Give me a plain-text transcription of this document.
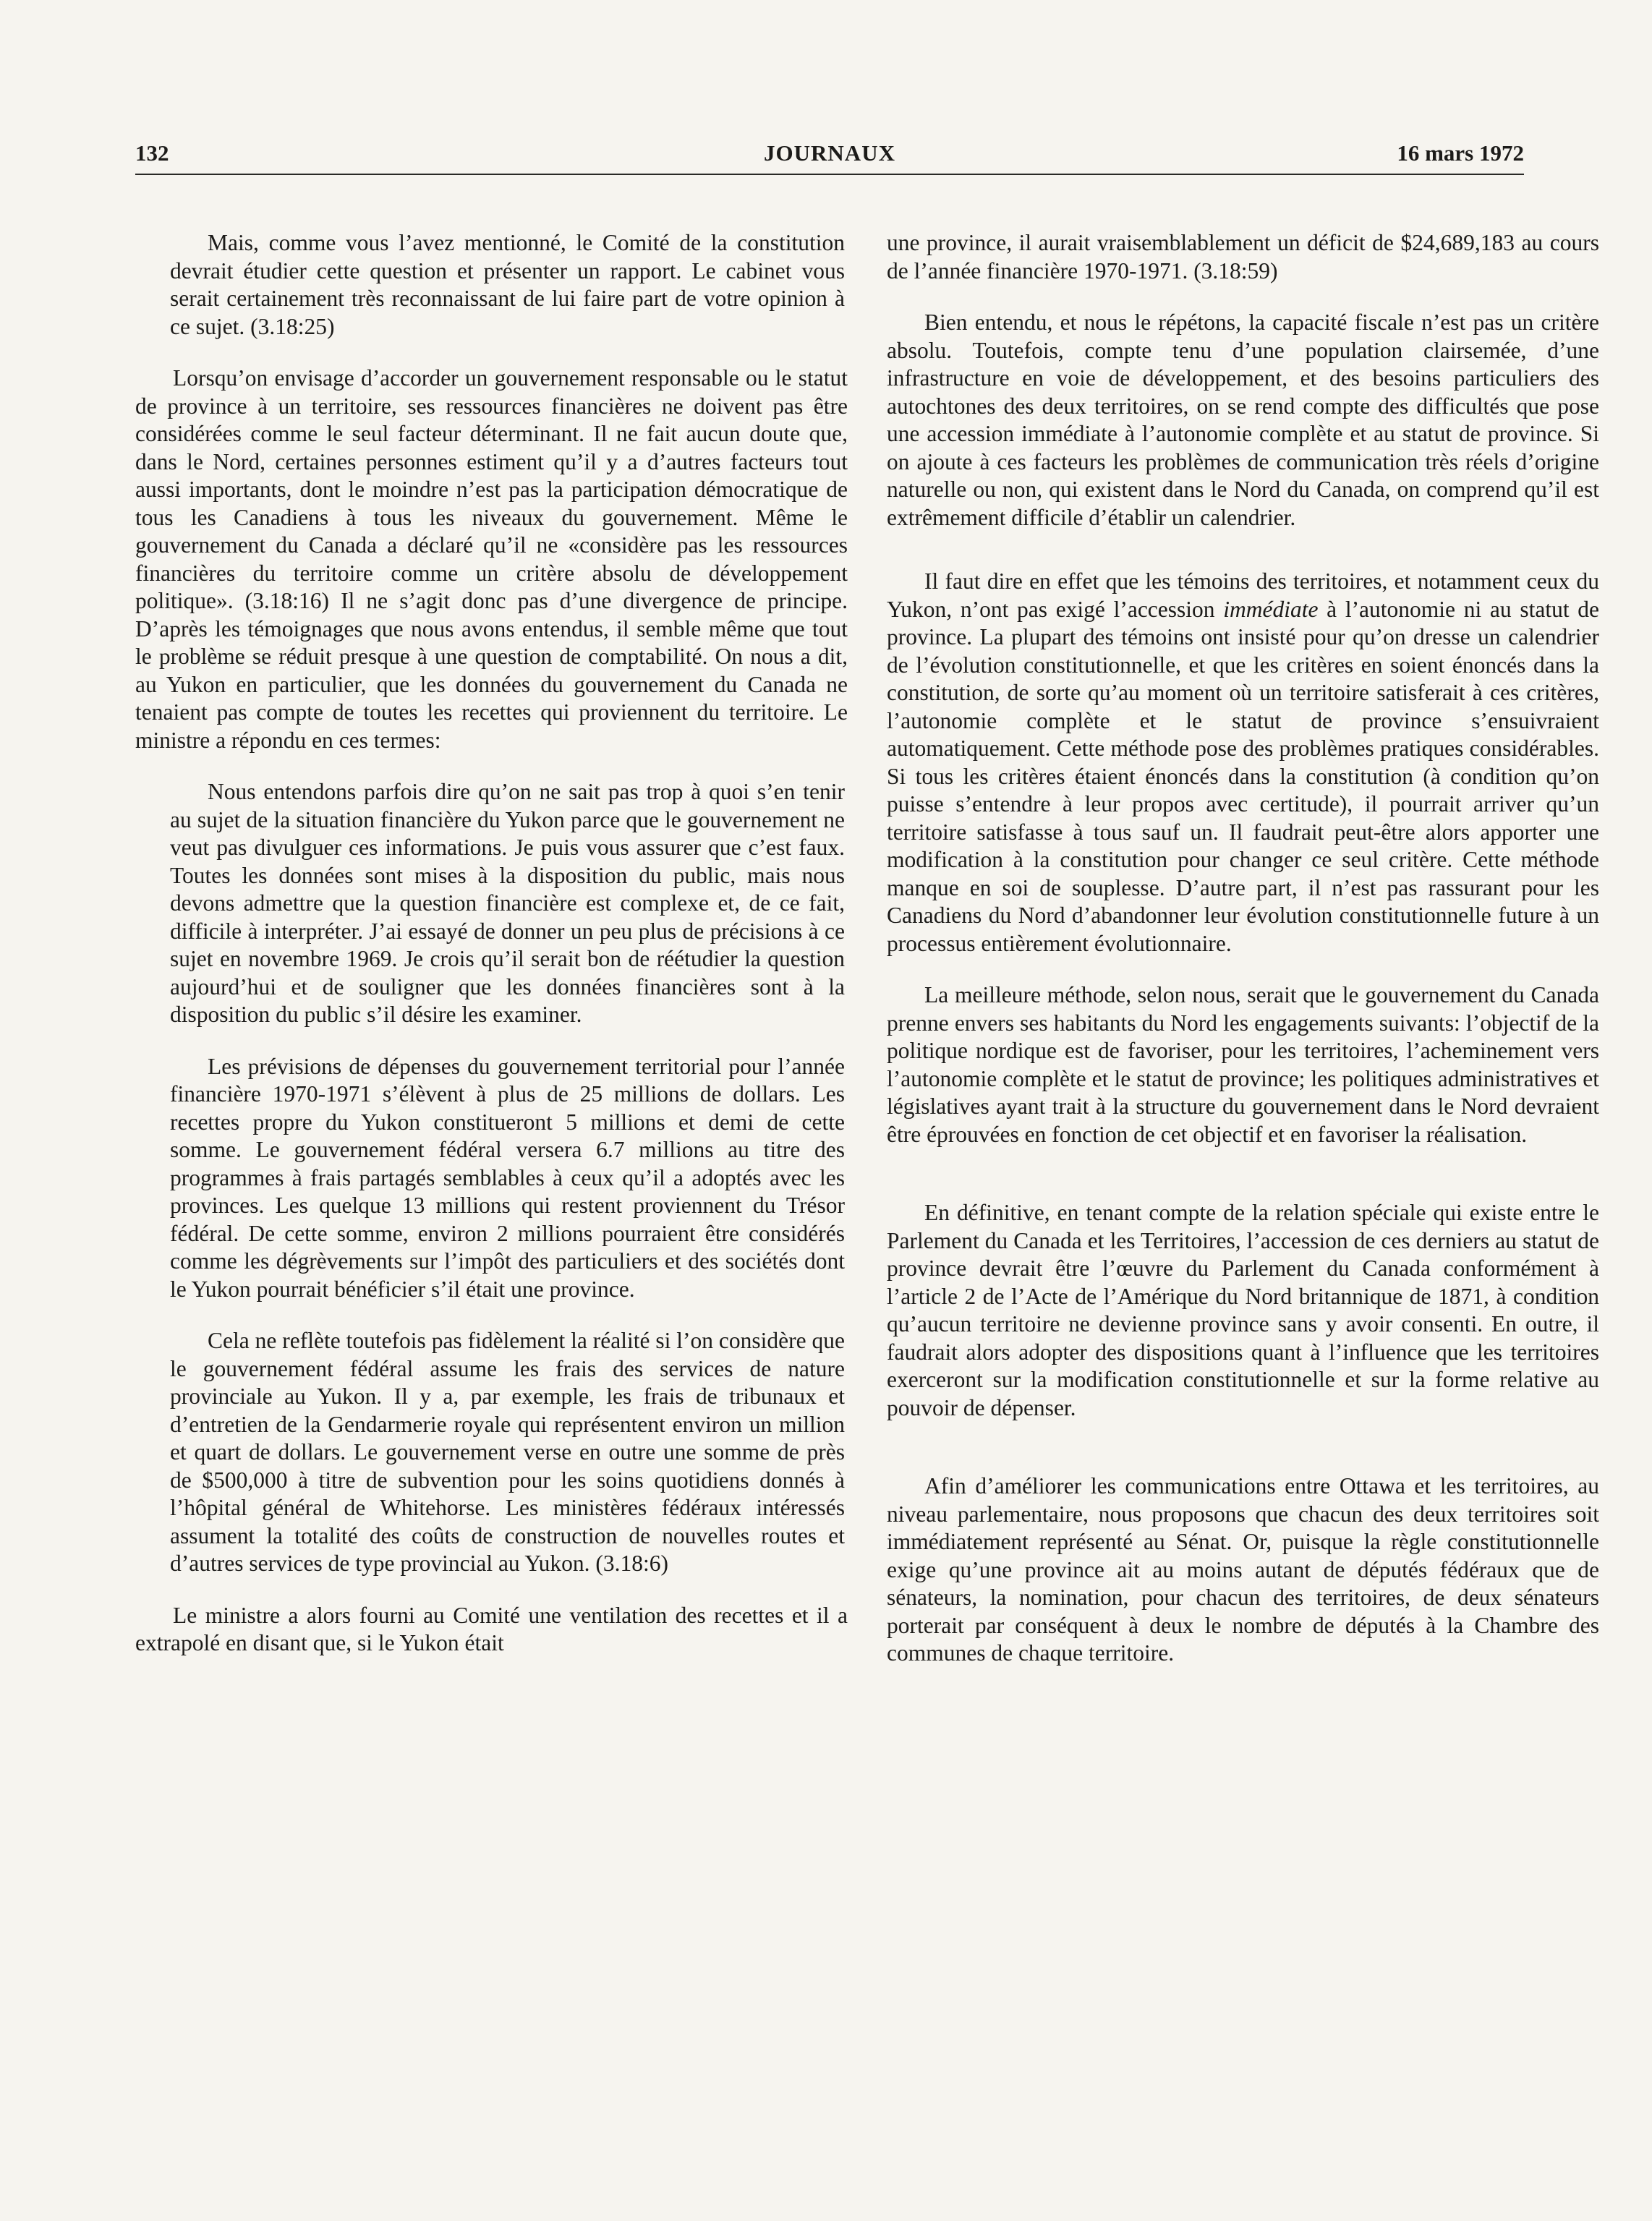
132	JOURNAUX	16 mars 1972

Mais, comme vous l’avez mentionné, le Comité de la constitution devrait étudier cette question et présenter un rapport. Le cabinet vous serait certainement très reconnaissant de lui faire part de votre opinion à ce sujet. (3.18:25)

Lorsqu’on envisage d’accorder un gouvernement responsable ou le statut de province à un territoire, ses ressources financières ne doivent pas être considérées comme le seul facteur déterminant. Il ne fait aucun doute que, dans le Nord, certaines personnes estiment qu’il y a d’autres facteurs tout aussi importants, dont le moindre n’est pas la participation démocratique de tous les Canadiens à tous les niveaux du gouvernement. Même le gouvernement du Canada a déclaré qu’il ne «considère pas les ressources financières du territoire comme un critère absolu de développement politique». (3.18:16) Il ne s’agit donc pas d’une divergence de principe. D’après les témoignages que nous avons entendus, il semble même que tout le problème se réduit presque à une question de comptabilité. On nous a dit, au Yukon en particulier, que les données du gouvernement du Canada ne tenaient pas compte de toutes les recettes qui proviennent du territoire. Le ministre a répondu en ces termes:

Nous entendons parfois dire qu’on ne sait pas trop à quoi s’en tenir au sujet de la situation financière du Yukon parce que le gouvernement ne veut pas divulguer ces informations. Je puis vous assurer que c’est faux. Toutes les données sont mises à la disposition du public, mais nous devons admettre que la question financière est complexe et, de ce fait, difficile à interpréter. J’ai essayé de donner un peu plus de précisions à ce sujet en novembre 1969. Je crois qu’il serait bon de réétudier la question aujourd’hui et de souligner que les données financières sont à la disposition du public s’il désire les examiner.

Les prévisions de dépenses du gouvernement territorial pour l’année financière 1970-1971 s’élèvent à plus de 25 millions de dollars. Les recettes propre du Yukon constitueront 5 millions et demi de cette somme. Le gouvernement fédéral versera 6.7 millions au titre des programmes à frais partagés semblables à ceux qu’il a adoptés avec les provinces. Les quelque 13 millions qui restent proviennent du Trésor fédéral. De cette somme, environ 2 millions pourraient être considérés comme les dégrèvements sur l’impôt des particuliers et des sociétés dont le Yukon pourrait bénéficier s’il était une province.

Cela ne reflète toutefois pas fidèlement la réalité si l’on considère que le gouvernement fédéral assume les frais des services de nature provinciale au Yukon. Il y a, par exemple, les frais de tribunaux et d’entretien de la Gendarmerie royale qui représentent environ un million et quart de dollars. Le gouvernement verse en outre une somme de près de $500,000 à titre de subvention pour les soins quotidiens donnés à l’hôpital général de Whitehorse. Les ministères fédéraux intéressés assument la totalité des coûts de construction de nouvelles routes et d’autres services de type provincial au Yukon. (3.18:6)

Le ministre a alors fourni au Comité une ventilation des recettes et il a extrapolé en disant que, si le Yukon était

une province, il aurait vraisemblablement un déficit de $24,689,183 au cours de l’année financière 1970-1971. (3.18:59)

Bien entendu, et nous le répétons, la capacité fiscale n’est pas un critère absolu. Toutefois, compte tenu d’une population clairsemée, d’une infrastructure en voie de développement, et des besoins particuliers des autochtones des deux territoires, on se rend compte des difficultés que pose une accession immédiate à l’autonomie complète et au statut de province. Si on ajoute à ces facteurs les problèmes de communication très réels d’origine naturelle ou non, qui existent dans le Nord du Canada, on comprend qu’il est extrêmement difficile d’établir un calendrier.

Il faut dire en effet que les témoins des territoires, et notamment ceux du Yukon, n’ont pas exigé l’accession immédiate à l’autonomie ni au statut de province. La plupart des témoins ont insisté pour qu’on dresse un calendrier de l’évolution constitutionnelle, et que les critères en soient énoncés dans la constitution, de sorte qu’au moment où un territoire satisferait à ces critères, l’autonomie complète et le statut de province s’ensuivraient automatiquement. Cette méthode pose des problèmes pratiques considérables. Si tous les critères étaient énoncés dans la constitution (à condition qu’on puisse s’entendre à leur propos avec certitude), il pourrait arriver qu’un territoire satisfasse à tous sauf un. Il faudrait peut-être alors apporter une modification à la constitution pour changer ce seul critère. Cette méthode manque en soi de souplesse. D’autre part, il n’est pas rassurant pour les Canadiens du Nord d’abandonner leur évolution constitutionnelle future à un processus entièrement évolutionnaire.

La meilleure méthode, selon nous, serait que le gouvernement du Canada prenne envers ses habitants du Nord les engagements suivants: l’objectif de la politique nordique est de favoriser, pour les territoires, l’acheminement vers l’autonomie complète et le statut de province; les politiques administratives et législatives ayant trait à la structure du gouvernement dans le Nord devraient être éprouvées en fonction de cet objectif et en favoriser la réalisation.

En définitive, en tenant compte de la relation spéciale qui existe entre le Parlement du Canada et les Territoires, l’accession de ces derniers au statut de province devrait être l’œuvre du Parlement du Canada conformément à l’article 2 de l’Acte de l’Amérique du Nord britannique de 1871, à condition qu’aucun territoire ne devienne province sans y avoir consenti. En outre, il faudrait alors adopter des dispositions quant à l’influence que les territoires exerceront sur la modification constitutionnelle et sur la forme relative au pouvoir de dépenser.

Afin d’améliorer les communications entre Ottawa et les territoires, au niveau parlementaire, nous proposons que chacun des deux territoires soit immédiatement représenté au Sénat. Or, puisque la règle constitutionnelle exige qu’une province ait au moins autant de députés fédéraux que de sénateurs, la nomination, pour chacun des territoires, de deux sénateurs porterait par conséquent à deux le nombre de députés à la Chambre des communes de chaque territoire.
